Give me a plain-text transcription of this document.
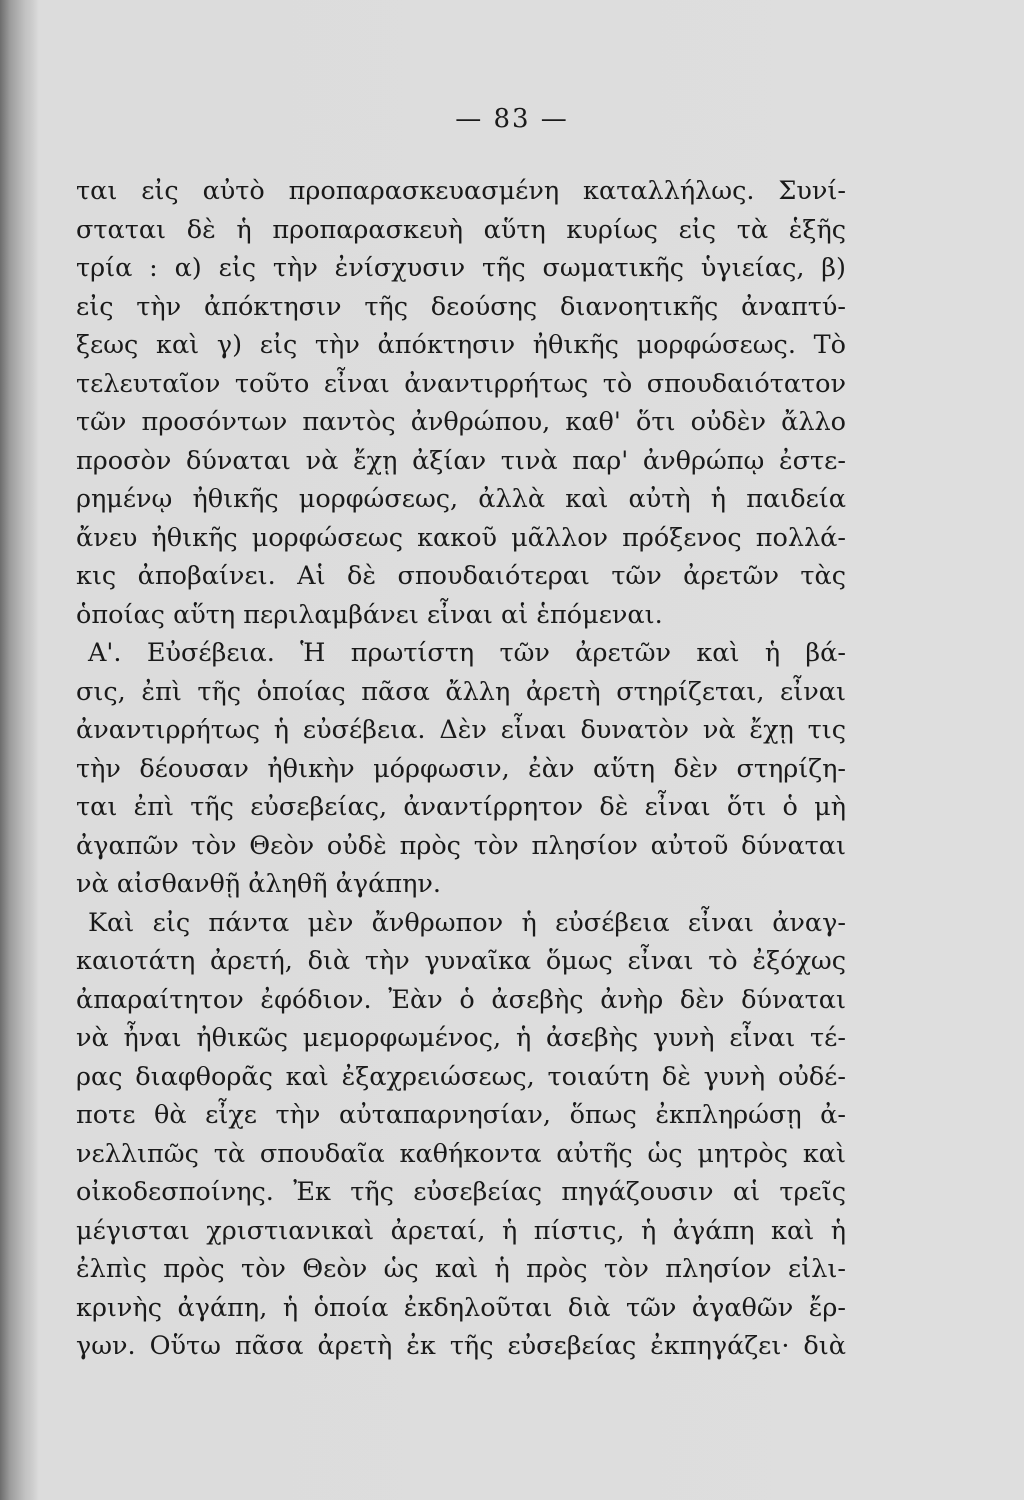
— 83 —
ται εἰς αὐτὸ προπαρασκευασμένη καταλλήλως. Συνί-
σταται δὲ ἡ προπαρασκευὴ αὕτη κυρίως εἰς τὰ ἑξῆς
τρία : α) εἰς τὴν ἐνίσχυσιν τῆς σωματικῆς ὑγιείας, β)
εἰς τὴν ἀπόκτησιν τῆς δεούσης διανοητικῆς ἀναπτύ-
ξεως καὶ γ) εἰς τὴν ἀπόκτησιν ἠθικῆς μορφώσεως. Τὸ
τελευταῖον τοῦτο εἶναι ἀναντιρρήτως τὸ σπουδαιότατον
τῶν προσόντων παντὸς ἀνθρώπου, καθ' ὅτι οὐδὲν ἄλλο
προσὸν δύναται νὰ ἔχῃ ἀξίαν τινὰ παρ' ἀνθρώπῳ ἐστε-
ρημένῳ ἠθικῆς μορφώσεως, ἀλλὰ καὶ αὐτὴ ἡ παιδεία
ἄνευ ἠθικῆς μορφώσεως κακοῦ μᾶλλον πρόξενος πολλά-
κις ἀποβαίνει. Αἱ δὲ σπουδαιότεραι τῶν ἀρετῶν τὰς
ὁποίας αὕτη περιλαμβάνει εἶναι αἱ ἑπόμεναι.
Α'. Εὐσέβεια. Ἡ πρωτίστη τῶν ἀρετῶν καὶ ἡ βά-
σις, ἐπὶ τῆς ὁποίας πᾶσα ἄλλη ἀρετὴ στηρίζεται, εἶναι
ἀναντιρρήτως ἡ εὐσέβεια. Δὲν εἶναι δυνατὸν νὰ ἔχῃ τις
τὴν δέουσαν ἠθικὴν μόρφωσιν, ἐὰν αὕτη δὲν στηρίζη-
ται ἐπὶ τῆς εὐσεβείας, ἀναντίρρητον δὲ εἶναι ὅτι ὁ μὴ
ἀγαπῶν τὸν Θεὸν οὐδὲ πρὸς τὸν πλησίον αὐτοῦ δύναται
νὰ αἰσθανθῇ ἀληθῆ ἀγάπην.
Καὶ εἰς πάντα μὲν ἄνθρωπον ἡ εὐσέβεια εἶναι ἀναγ-
καιοτάτη ἀρετή, διὰ τὴν γυναῖκα ὅμως εἶναι τὸ ἐξόχως
ἀπαραίτητον ἐφόδιον. Ἐὰν ὁ ἀσεβὴς ἀνὴρ δὲν δύναται
νὰ ἦναι ἠθικῶς μεμορφωμένος, ἡ ἀσεβὴς γυνὴ εἶναι τέ-
ρας διαφθορᾶς καὶ ἐξαχρειώσεως, τοιαύτη δὲ γυνὴ οὐδέ-
ποτε θὰ εἶχε τὴν αὐταπαρνησίαν, ὅπως ἐκπληρώσῃ ἀ-
νελλιπῶς τὰ σπουδαῖα καθήκοντα αὐτῆς ὡς μητρὸς καὶ
οἰκοδεσποίνης. Ἐκ τῆς εὐσεβείας πηγάζουσιν αἱ τρεῖς
μέγισται χριστιανικαὶ ἀρεταί, ἡ πίστις, ἡ ἀγάπη καὶ ἡ
ἐλπὶς πρὸς τὸν Θεὸν ὡς καὶ ἡ πρὸς τὸν πλησίον εἰλι-
κρινὴς ἀγάπη, ἡ ὁποία ἐκδηλοῦται διὰ τῶν ἀγαθῶν ἔρ-
γων. Οὕτω πᾶσα ἀρετὴ ἐκ τῆς εὐσεβείας ἐκπηγάζει· διὰ
